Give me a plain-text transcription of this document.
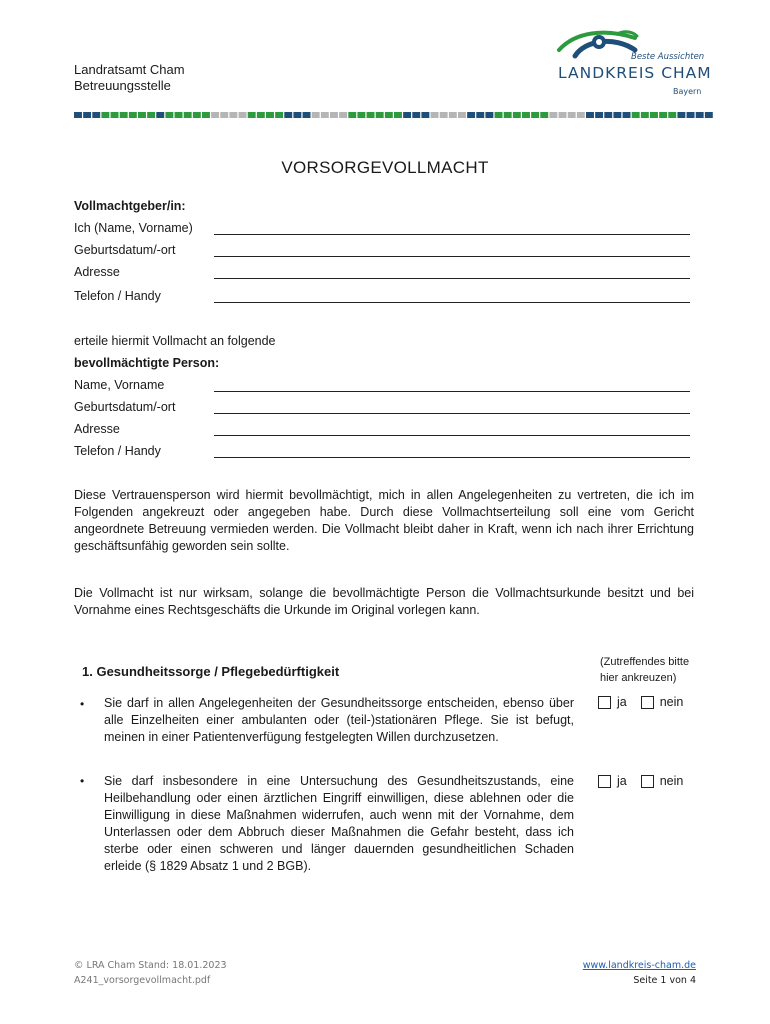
Landratsamt Cham
Betreuungsstelle
Beste Aussichten
LANDKREIS CHAM
Bayern
VORSORGEVOLLMACHT
Vollmachtgeber/in:
Ich (Name, Vorname)
Geburtsdatum/-ort
Adresse
Telefon / Handy
erteile hiermit Vollmacht an folgende
bevollmächtigte Person:
Name, Vorname
Geburtsdatum/-ort
Adresse
Telefon / Handy
Diese Vertrauensperson wird hiermit bevollmächtigt, mich in allen Angelegenheiten zu vertreten, die ich im Folgenden angekreuzt oder angegeben habe. Durch diese Vollmachtserteilung soll eine vom Gericht angeordnete Betreuung vermieden werden. Die Vollmacht bleibt daher in Kraft, wenn ich nach ihrer Errichtung geschäftsunfähig geworden sein sollte.
Die Vollmacht ist nur wirksam, solange die bevollmächtigte Person die Vollmachtsurkunde besitzt und bei Vornahme eines Rechtsgeschäfts die Urkunde im Original vorlegen kann.
1. Gesundheitssorge / Pflegebedürftigkeit
(Zutreffendes bitte
hier ankreuzen)
• Sie darf in allen Angelegenheiten der Gesundheitssorge entscheiden, ebenso über alle Einzelheiten einer ambulanten oder (teil-)stationären Pflege. Sie ist befugt, meinen in einer Patientenverfügung festgelegten Willen durchzusetzen.
ja	nein
• Sie darf insbesondere in eine Untersuchung des Gesundheitszustands, eine Heilbehandlung oder einen ärztlichen Eingriff einwilligen, diese ablehnen oder die Einwilligung in diese Maßnahmen widerrufen, auch wenn mit der Vornahme, dem Unterlassen oder dem Abbruch dieser Maßnahmen die Gefahr besteht, dass ich sterbe oder einen schweren und länger dauernden gesundheitlichen Schaden erleide (§ 1829 Absatz 1 und 2 BGB).
ja	nein
© LRA Cham Stand: 18.01.2023
A241_vorsorgevollmacht.pdf
www.landkreis-cham.de
Seite 1 von 4
